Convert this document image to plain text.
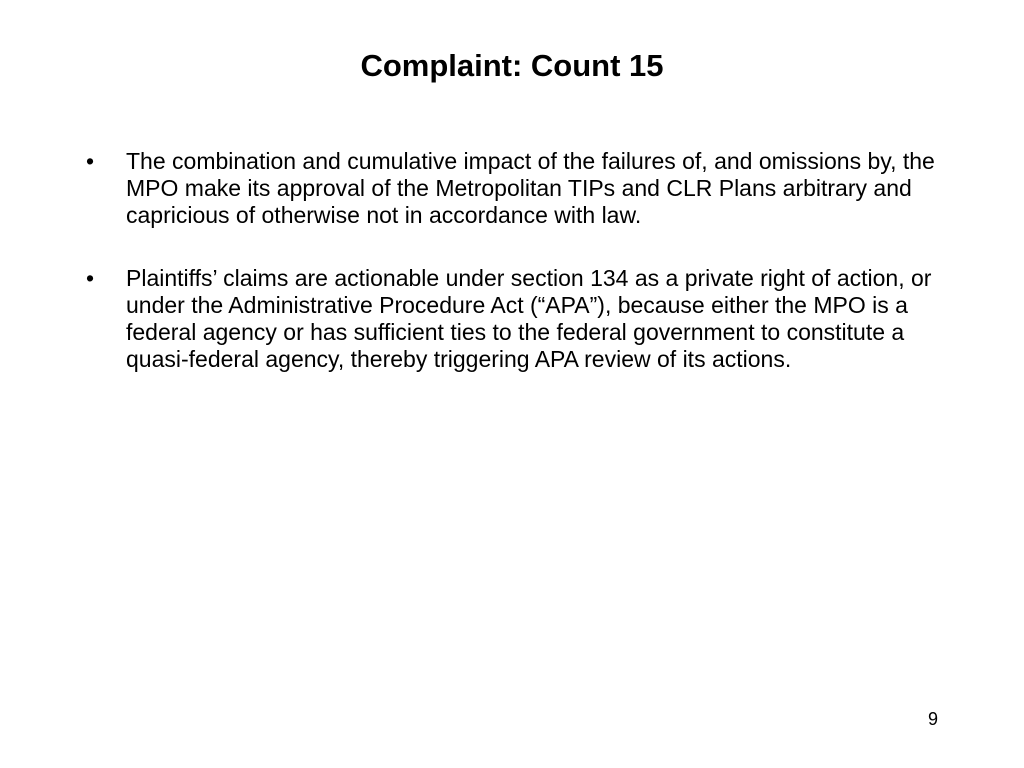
Complaint: Count 15
•	The combination and cumulative impact of the failures of, and omissions by, the MPO make its approval of the Metropolitan TIPs and CLR Plans arbitrary and capricious of otherwise not in accordance with law.
•	Plaintiffs’ claims are actionable under section 134 as a private right of action, or under the Administrative Procedure Act (“APA”), because either the MPO is a federal agency or has sufficient ties to the federal government to constitute a quasi-federal agency, thereby triggering APA review of its actions.
9
